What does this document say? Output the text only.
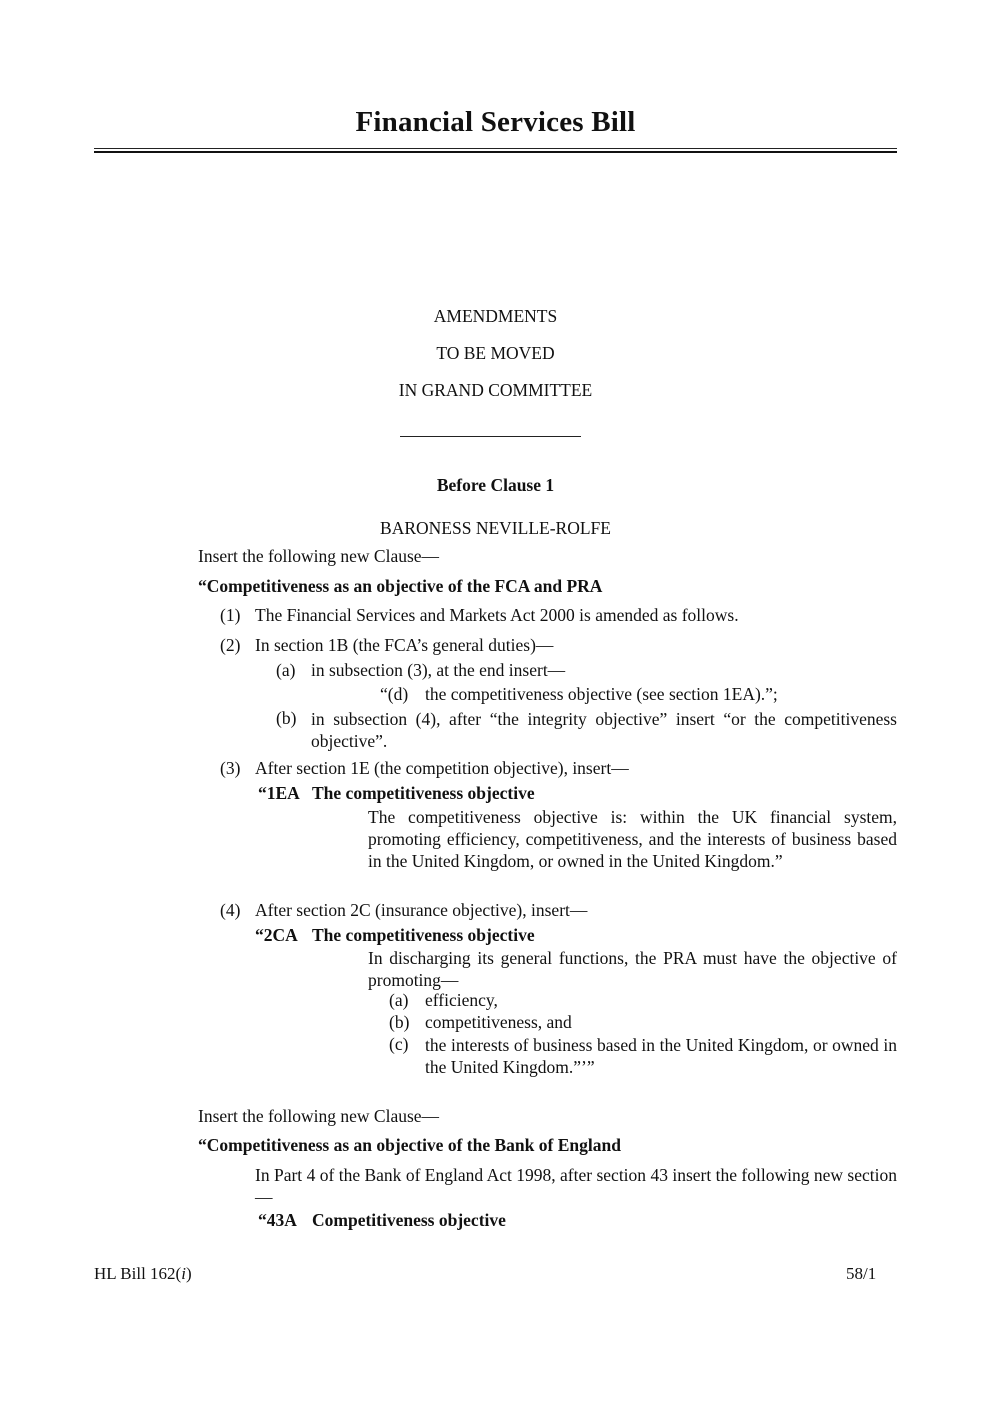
Financial Services Bill
AMENDMENTS
TO BE MOVED
IN GRAND COMMITTEE
Before Clause 1
BARONESS NEVILLE-ROLFE
Insert the following new Clause—
“Competitiveness as an objective of the FCA and PRA
(1) The Financial Services and Markets Act 2000 is amended as follows.
(2) In section 1B (the FCA’s general duties)—
(a) in subsection (3), at the end insert—
“(d) the competitiveness objective (see section 1EA).”;
(b) in subsection (4), after “the integrity objective” insert “or the competitiveness objective”.
(3) After section 1E (the competition objective), insert—
“1EA The competitiveness objective
The competitiveness objective is: within the UK financial system, promoting efficiency, competitiveness, and the interests of business based in the United Kingdom, or owned in the United Kingdom.”
(4) After section 2C (insurance objective), insert—
“2CA The competitiveness objective
In discharging its general functions, the PRA must have the objective of promoting—
(a) efficiency,
(b) competitiveness, and
(c) the interests of business based in the United Kingdom, or owned in the United Kingdom.”’”
Insert the following new Clause—
“Competitiveness as an objective of the Bank of England
In Part 4 of the Bank of England Act 1998, after section 43 insert the following new section—
“43A Competitiveness objective
HL Bill 162(i)	58/1
